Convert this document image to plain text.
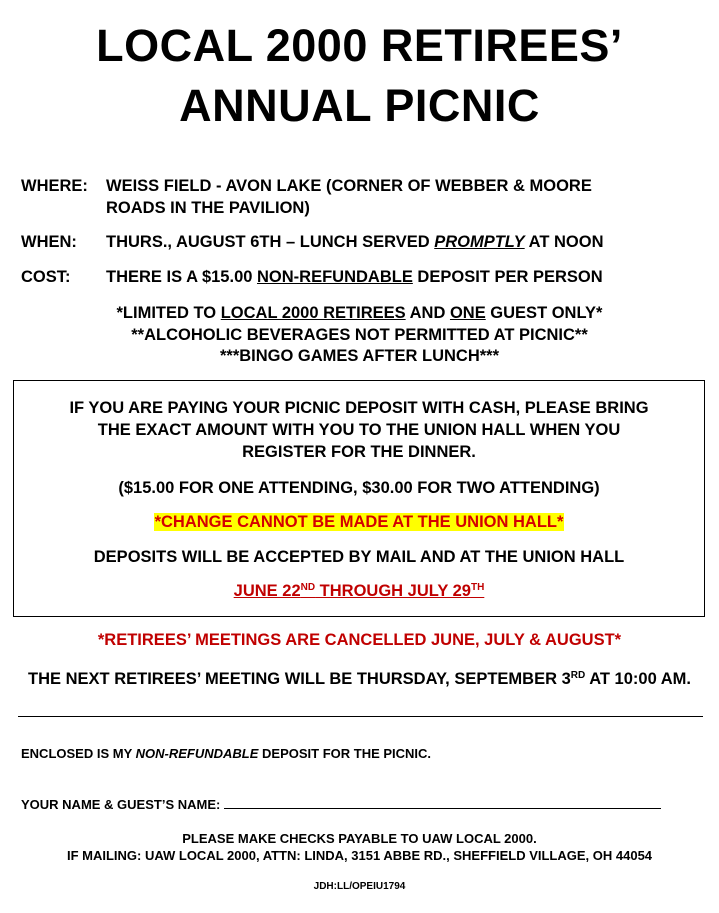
LOCAL 2000 RETIREES’
ANNUAL PICNIC
WHERE: WEISS FIELD - AVON LAKE (CORNER OF WEBBER & MOORE
ROADS IN THE PAVILION)
WHEN: THURS., AUGUST 6TH – LUNCH SERVED PROMPTLY AT NOON
COST: THERE IS A $15.00 NON-REFUNDABLE DEPOSIT PER PERSON
*LIMITED TO LOCAL 2000 RETIREES AND ONE GUEST ONLY*
**ALCOHOLIC BEVERAGES NOT PERMITTED AT PICNIC**
***BINGO GAMES AFTER LUNCH***
IF YOU ARE PAYING YOUR PICNIC DEPOSIT WITH CASH, PLEASE BRING
THE EXACT AMOUNT WITH YOU TO THE UNION HALL WHEN YOU
REGISTER FOR THE DINNER.
($15.00 FOR ONE ATTENDING, $30.00 FOR TWO ATTENDING)
*CHANGE CANNOT BE MADE AT THE UNION HALL*
DEPOSITS WILL BE ACCEPTED BY MAIL AND AT THE UNION HALL
JUNE 22ND THROUGH JULY 29TH
*RETIREES’ MEETINGS ARE CANCELLED JUNE, JULY & AUGUST*
THE NEXT RETIREES’ MEETING WILL BE THURSDAY, SEPTEMBER 3RD AT 10:00 AM.
ENCLOSED IS MY NON-REFUNDABLE DEPOSIT FOR THE PICNIC.
YOUR NAME & GUEST’S NAME:
PLEASE MAKE CHECKS PAYABLE TO UAW LOCAL 2000.
IF MAILING: UAW LOCAL 2000, ATTN: LINDA, 3151 ABBE RD., SHEFFIELD VILLAGE, OH 44054
JDH:LL/OPEIU1794
